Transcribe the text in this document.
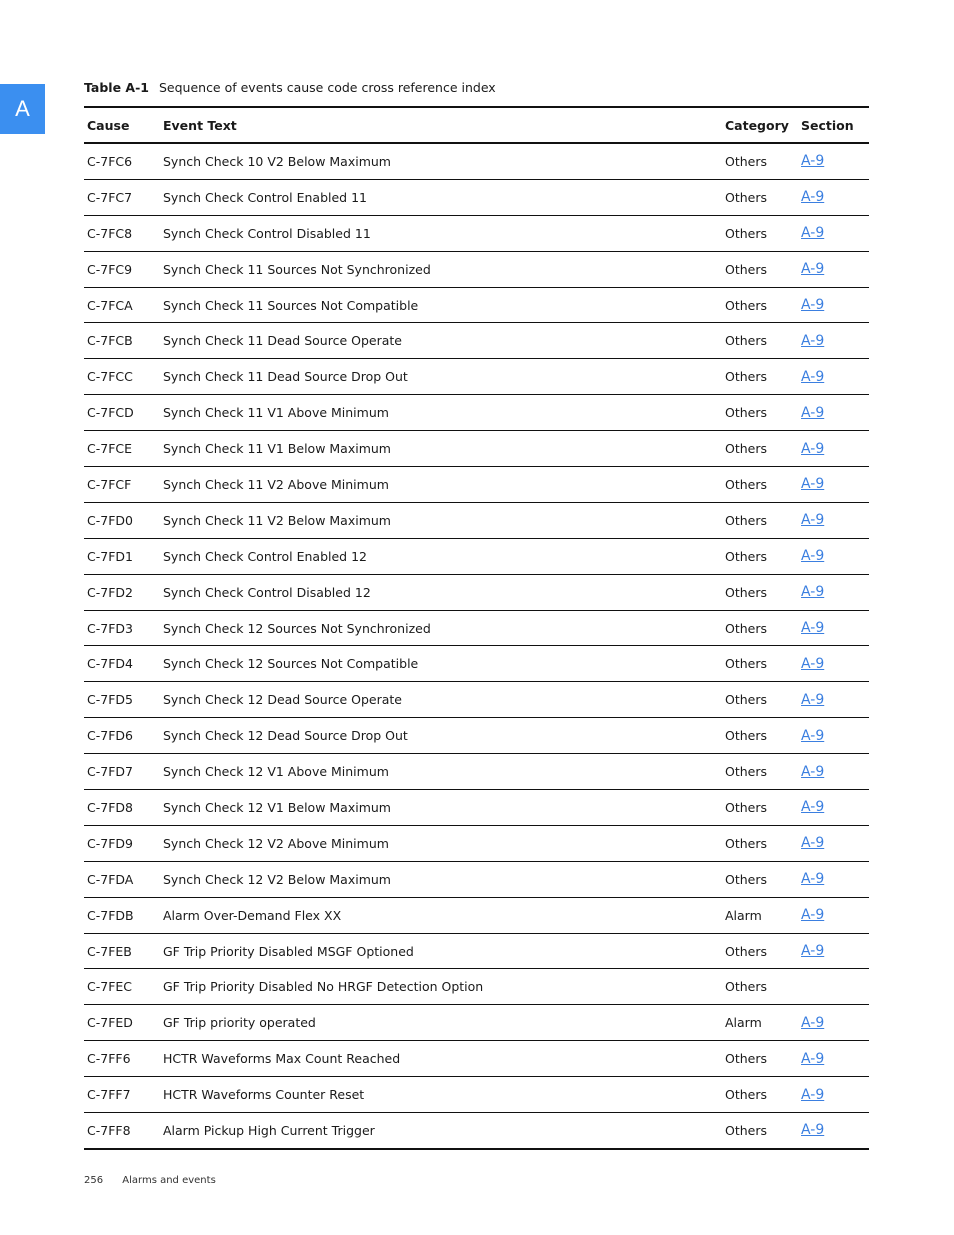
A
Table A-1 Sequence of events cause code cross reference index
Cause	Event Text	Category	Section
C-7FC6	Synch Check 10 V2 Below Maximum	Others	A-9
C-7FC7	Synch Check Control Enabled 11	Others	A-9
C-7FC8	Synch Check Control Disabled 11	Others	A-9
C-7FC9	Synch Check 11 Sources Not Synchronized	Others	A-9
C-7FCA	Synch Check 11 Sources Not Compatible	Others	A-9
C-7FCB	Synch Check 11 Dead Source Operate	Others	A-9
C-7FCC	Synch Check 11 Dead Source Drop Out	Others	A-9
C-7FCD	Synch Check 11 V1 Above Minimum	Others	A-9
C-7FCE	Synch Check 11 V1 Below Maximum	Others	A-9
C-7FCF	Synch Check 11 V2 Above Minimum	Others	A-9
C-7FD0	Synch Check 11 V2 Below Maximum	Others	A-9
C-7FD1	Synch Check Control Enabled 12	Others	A-9
C-7FD2	Synch Check Control Disabled 12	Others	A-9
C-7FD3	Synch Check 12 Sources Not Synchronized	Others	A-9
C-7FD4	Synch Check 12 Sources Not Compatible	Others	A-9
C-7FD5	Synch Check 12 Dead Source Operate	Others	A-9
C-7FD6	Synch Check 12 Dead Source Drop Out	Others	A-9
C-7FD7	Synch Check 12 V1 Above Minimum	Others	A-9
C-7FD8	Synch Check 12 V1 Below Maximum	Others	A-9
C-7FD9	Synch Check 12 V2 Above Minimum	Others	A-9
C-7FDA	Synch Check 12 V2 Below Maximum	Others	A-9
C-7FDB	Alarm Over-Demand Flex XX	Alarm	A-9
C-7FEB	GF Trip Priority Disabled MSGF Optioned	Others	A-9
C-7FEC	GF Trip Priority Disabled No HRGF Detection Option	Others	
C-7FED	GF Trip priority operated	Alarm	A-9
C-7FF6	HCTR Waveforms Max Count Reached	Others	A-9
C-7FF7	HCTR Waveforms Counter Reset	Others	A-9
C-7FF8	Alarm Pickup High Current Trigger	Others	A-9
256 Alarms and events
